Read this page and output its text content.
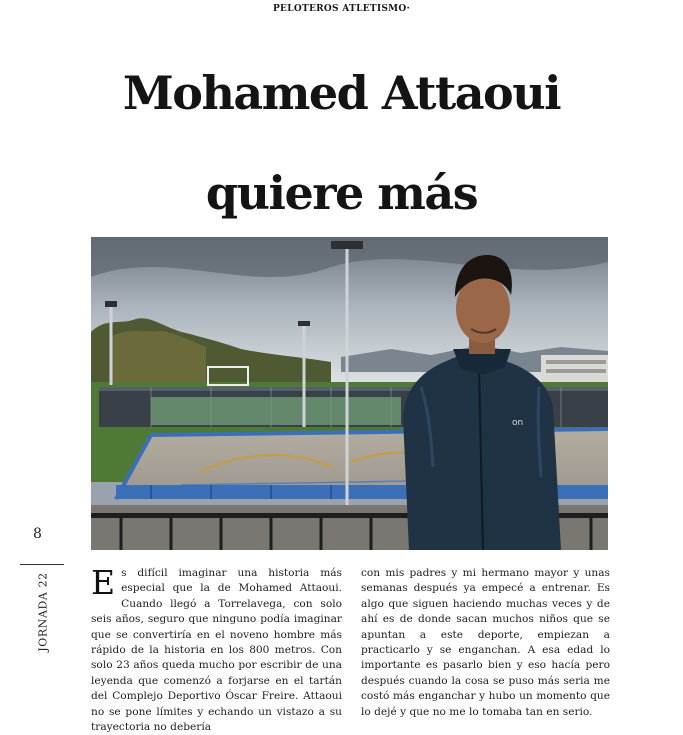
PELOTEROS ATLETISMO·
Mohamed Attaoui
quiere más
on
8
JORNADA 22 Es difícil imaginar una historia más especial que la de Mohamed Attaoui. Cuando llegó a Torrelavega, con solo seis años, seguro que ninguno podía imaginar que se convertiría en el noveno hombre más rápido de la historia en los 800 metros. Con solo 23 años queda mucho por escribir de una leyenda que comenzó a forjarse en el tartán del Complejo Deportivo Óscar Freire. Attaoui no se pone límites y echando un vistazo a su trayectoria no debería

con mis padres y mi hermano mayor y unas semanas después ya empecé a entrenar. Es algo que siguen haciendo muchas veces y de ahí es de donde sacan muchos niños que se apuntan a este deporte, empiezan a practicarlo y se enganchan. A esa edad lo importante es pasarlo bien y eso hacía pero después cuando la cosa se puso más seria me costó más enganchar y hubo un momento que lo dejé y que no me lo tomaba tan en serio.
